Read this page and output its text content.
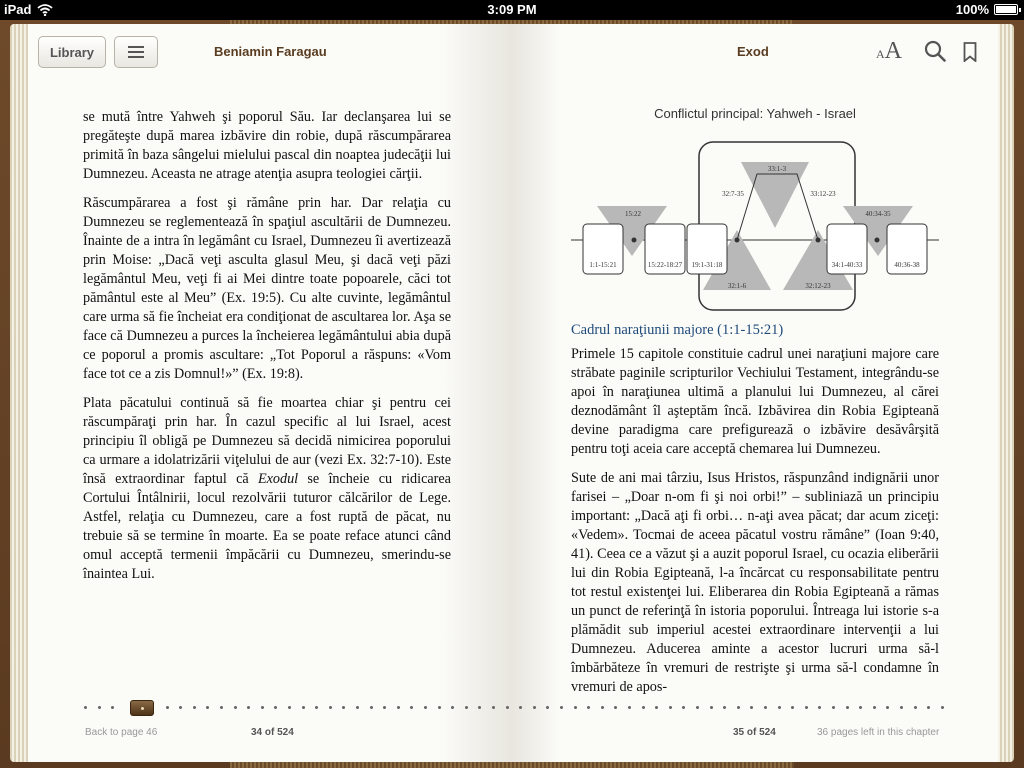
iPad	3:09 PM	100%
Library	Beniamin Faragau	Exod	AA

se mută între Yahweh şi poporul Său. Iar declanşarea lui se pregăteşte după marea izbăvire din robie, după răscumpărarea primită în baza sângelui mielului pascal din noaptea judecăţii lui Dumnezeu. Aceasta ne atrage atenţia asupra teologiei cărţii.

Răscumpărarea a fost şi rămâne prin har. Dar relaţia cu Dumnezeu se reglementează în spaţiul ascultării de Dumnezeu. Înainte de a intra în legământ cu Israel, Dumnezeu îi avertizează prin Moise: „Dacă veţi asculta glasul Meu, şi dacă veţi păzi legământul Meu, veţi fi ai Mei dintre toate popoarele, căci tot pământul este al Meu” (Ex. 19:5). Cu alte cuvinte, legământul care urma să fie încheiat era condiţionat de ascultarea lor. Aşa se face că Dumnezeu a purces la încheierea legământului abia după ce poporul a promis ascultare: „Tot Poporul a răspuns: «Vom face tot ce a zis Domnul!»” (Ex. 19:8).

Plata păcatului continuă să fie moartea chiar şi pentru cei răscumpăraţi prin har. În cazul specific al lui Israel, acest principiu îl obligă pe Dumnezeu să decidă nimicirea poporului ca urmare a idolatrizării viţelului de aur (vezi Ex. 32:7-10). Este însă extraordinar faptul că Exodul se încheie cu ridicarea Cortului Întâlnirii, locul rezolvării tuturor călcărilor de Lege. Astfel, relaţia cu Dumnezeu, care a fost ruptă de păcat, nu trebuie să se termine în moarte. Ea se poate reface atunci când omul acceptă termenii împăcării cu Dumnezeu, smerindu-se înaintea Lui.

Conflictul principal: Yahweh - Israel
33:1-3
15:22
32:7-35	33:12-23
40:34-35
1:1-15:21	15:22-18:27 19:1-31:18	34:1-40:33	40:36-38
32:1-6	32:12-23
Cadrul naraţiunii majore (1:1-15:21)

Primele 15 capitole constituie cadrul unei naraţiuni majore care străbate paginile scripturilor Vechiului Testament, integrându-se apoi în naraţiunea ultimă a planului lui Dumnezeu, al cărei deznodământ îl aşteptăm încă. Izbăvirea din Robia Egipteană devine paradigma care prefigurează o izbăvire desăvârşită pentru toţi aceia care acceptă chemarea lui Dumnezeu.

Sute de ani mai târziu, Isus Hristos, răspunzând indignării unor farisei – „Doar n-om fi şi noi orbi!” – subliniază un principiu important: „Dacă aţi fi orbi… n-aţi avea păcat; dar acum ziceţi: «Vedem». Tocmai de aceea păcatul vostru rămâne” (Ioan 9:40, 41). Ceea ce a văzut şi a auzit poporul Israel, cu ocazia eliberării lui din Robia Egipteană, l-a încărcat cu responsabilitate pentru tot restul existenţei lui. Eliberarea din Robia Egipteană a rămas un punct de referinţă în istoria poporului. Întreaga lui istorie s-a plămădit sub imperiul acestei extraordinare intervenţii a lui Dumnezeu. Aducerea aminte a acestor lucruri urma să-l îmbărbăteze în vremuri de restrişte şi urma să-l condamne în vremuri de apos-

Back to page 46	34 of 524	35 of 524	36 pages left in this chapter
